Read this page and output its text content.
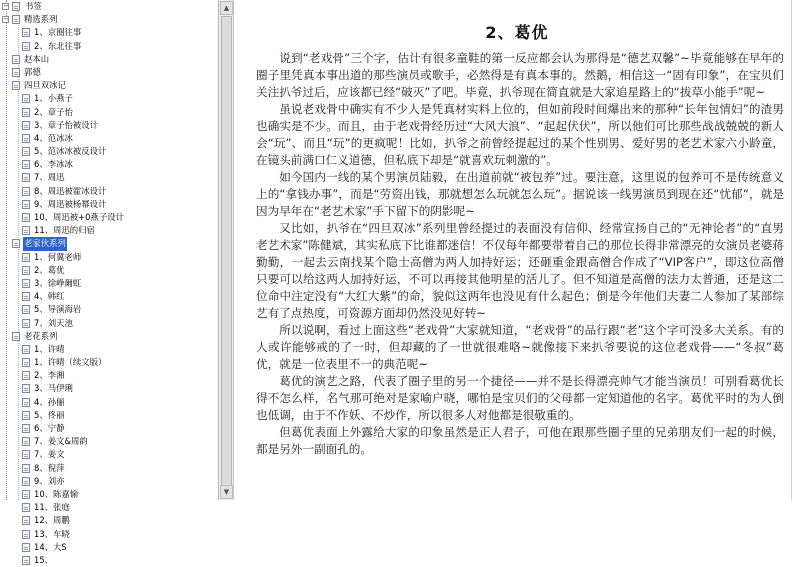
− 书签
− 精选系列
1、京圈往事
2、东北往事
赵本山
郭德
四旦双冰记
1、小燕子
2、章子怡
3、章子怡被设计
4、范冰冰
5、范冰冰被反设计
6、李冰冰
7、周迅
8、周迅被霍冰设计
9、周迅被杨幂设计
10、周迅被+0燕子设计
11、周迅的归宿
老家伙系列
1、何冀老师
2、葛优
3、徐峥爾虹
4、韩红
5、导演海岩
7、刘天池
老花系列
1、许晴
1、许晴（续文版）
2、李湘
3、马伊琍
4、孙俪
5、佟丽
6、宁静
7、姜文&周韵
7、姜文
8、倪萍
9、刘亦
10、陈嘉愉
11、张庭
12、周鹏
13、车晓
14、大S
15、
▲
▼
2、葛优

说到“老戏骨”三个字，估计有很多童鞋的第一反应都会认为那得是“德艺双馨”~毕竟能够在早年的圈子里凭真本事出道的那些演员或歌手，必然得是有真本事的。然鹅，相信这一“固有印象”，在宝贝们关注扒爷过后，应该都已经“破灭”了吧。毕竟，扒爷现在简直就是大家追星路上的“拔草小能手”呢~

虽说老戏骨中确实有不少人是凭真材实料上位的，但如前段时间爆出来的那种“长年包情妇”的渣男也确实是不少。而且，由于老戏骨经历过“大风大浪”、“起起伏伏”，所以他们可比那些战战兢兢的新人会“玩”、而且“玩”的更疯呢！比如，扒爷之前曾经提起过的某个性别男、爱好男的老艺术家六小龄童，在镜头前满口仁义道德，但私底下却是“就喜欢玩刺激的”。

如今国内一线的某个男演员陆毅，在出道前就“被包养”过。要注意，这里说的包养可不是传统意义上的“拿钱办事”，而是“劳资出钱，那就想怎么玩就怎么玩”。据说该一线男演员到现在还“忧郁”，就是因为早年在“老艺术家”手下留下的阴影呢~

又比如，扒爷在“四旦双冰”系列里曾经提过的表面没有信仰、经常宣扬自己的“无神论者”的“直男老艺术家”陈健斌，其实私底下比谁都迷信！不仅每年都要带着自己的那位长得非常漂亮的女演员老婆蒋勤勤，一起去云南找某个隐士高僧为两人加持好运；还砸重金跟高僧合作成了“VIP客户”，即这位高僧只要可以给这两人加持好运，不可以再接其他明星的活儿了。但不知道是高僧的法力太普通，还是这二位命中注定没有“大红大紫”的命，貌似这两年也没见有什么起色；倒是今年他们夫妻二人参加了某部综艺有了点热度，可资源方面却仍然没见好转~

所以说啊，看过上面这些“老戏骨”大家就知道，“老戏骨”的品行跟“老”这个字可没多大关系。有的人或许能够戒的了一时，但却藏的了一世就很难咯~就像接下来扒爷要说的这位老戏骨——“冬叔”葛优，就是一位表里不一的典范呢~

葛优的演艺之路，代表了圈子里的另一个捷径——并不是长得漂亮帅气才能当演员！可别看葛优长得不怎么样，名气那可绝对是家喻户晓，哪怕是宝贝们的父母都一定知道他的名字。葛优平时的为人倒也低调，由于不作妖、不炒作，所以很多人对他都是很敬重的。

但葛优表面上外露给大家的印象虽然是正人君子，可他在跟那些圈子里的兄弟朋友们一起的时候，都是另外一副面孔的。
